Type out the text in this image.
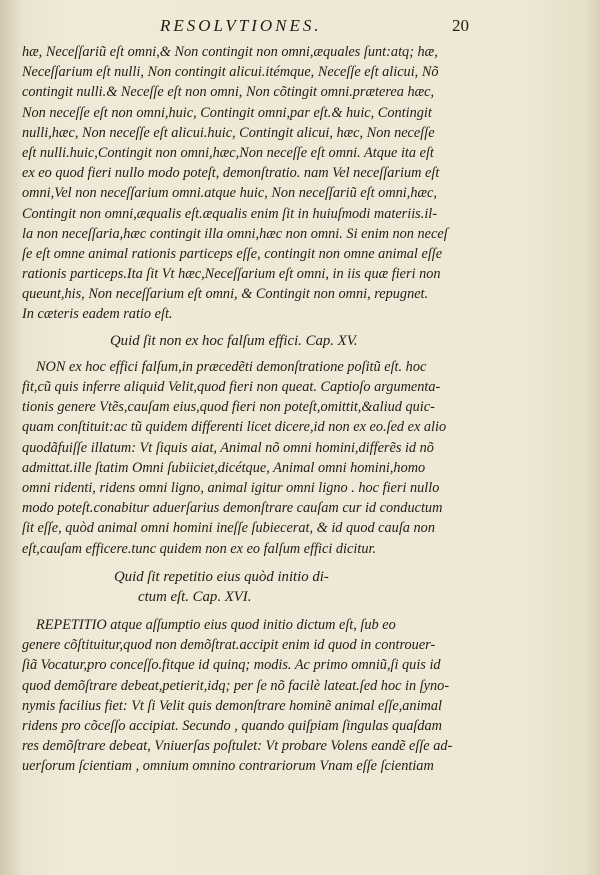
RESOLVTIONES.	20
hæ, Neceſſariũ eſt omni,& Non contingit non omni,æquales ſunt:atq; hæ,
Neceſſarium eſt nulli, Non contingit alicui.itémque, Neceſſe eſt alicui, Nõ
contingit nulli.& Neceſſe eſt non omni, Non cõtingit omni.præterea hæc,
Non neceſſe eſt non omni,huic, Contingit omni,par eſt.& huic, Contingit
nulli,hæc, Non neceſſe eſt alicui.huic, Contingit alicui, hæc, Non neceſſe
eſt nulli.huic,Contingit non omni,hæc,Non neceſſe eſt omni. Atque ita eſt
ex eo quod fieri nullo modo poteſt, demonſtratio. nam Vel neceſſarium eſt
omni,Vel non neceſſarium omni.atque huic, Non neceſſariũ eſt omni,hæc,
Contingit non omni,æqualis eſt.æqualis enim ſit in huiuſmodi materiis.il-
la non neceſſaria,hæc contingit illa omni,hæc non omni. Si enim non neceſ
ſe eſt omne animal rationis particeps eſſe, contingit non omne animal eſſe
rationis particeps.Ita ſit Vt hæc,Neceſſarium eſt omni, in iis quæ fieri non
queunt,his, Non neceſſarium eſt omni, & Contingit non omni, repugnet.
In cæteris eadem ratio eſt.
Quid ſit non ex hoc falſum effici. Cap. XV.
NON ex hoc effici falſum,in præcedẽti demonſtratione poſitũ eſt. hoc
fit,cũ quis inferre aliquid Velit,quod fieri non queat. Captioſo argumenta-
tionis genere Vtẽs,cauſam eius,quod fieri non poteſt,omittit,&aliud quic-
quam conſtituit:ac tũ quidem differenti licet dicere,id non ex eo.ſed ex alio
quodãfuiſſe illatum: Vt ſiquis aiat, Animal nõ omni homini,differẽs id nõ
admittat.ille ſtatim Omni ſubiiciet,dicétque, Animal omni homini,homo
omni ridenti, ridens omni ligno, animal igitur omni ligno . hoc fieri nullo
modo poteſt.conabitur aduerſarius demonſtrare cauſam cur id conductum
ſit eſſe, quòd animal omni homini ineſſe ſubiecerat, & id quod cauſa non
eſt,cauſam efficere.tunc quidem non ex eo falſum effici dicitur.
Quid ſit repetitio eius quòd initio di-
ctum eſt. Cap. XVI.
REPETITIO atque aſſumptio eius quod initio dictum eſt, ſub eo
genere cõſtituitur,quod non demõſtrat.accipit enim id quod in controuer-
ſiã Vocatur,pro conceſſo.fitque id quinq; modis. Ac primo omniũ,ſi quis id
quod demõſtrare debeat,petierit,idq; per ſe nõ facilè lateat.ſed hoc in ſyno-
nymis facilius fiet: Vt ſi Velit quis demonſtrare hominẽ animal eſſe,animal
ridens pro cõceſſo accipiat. Secundo , quando quiſpiam ſingulas quaſdam
res demõſtrare debeat, Vniuerſas poſtulet: Vt probare Volens eandẽ eſſe ad-
uerſorum ſcientiam , omnium omnino contrariorum Vnam eſſe ſcientiam
